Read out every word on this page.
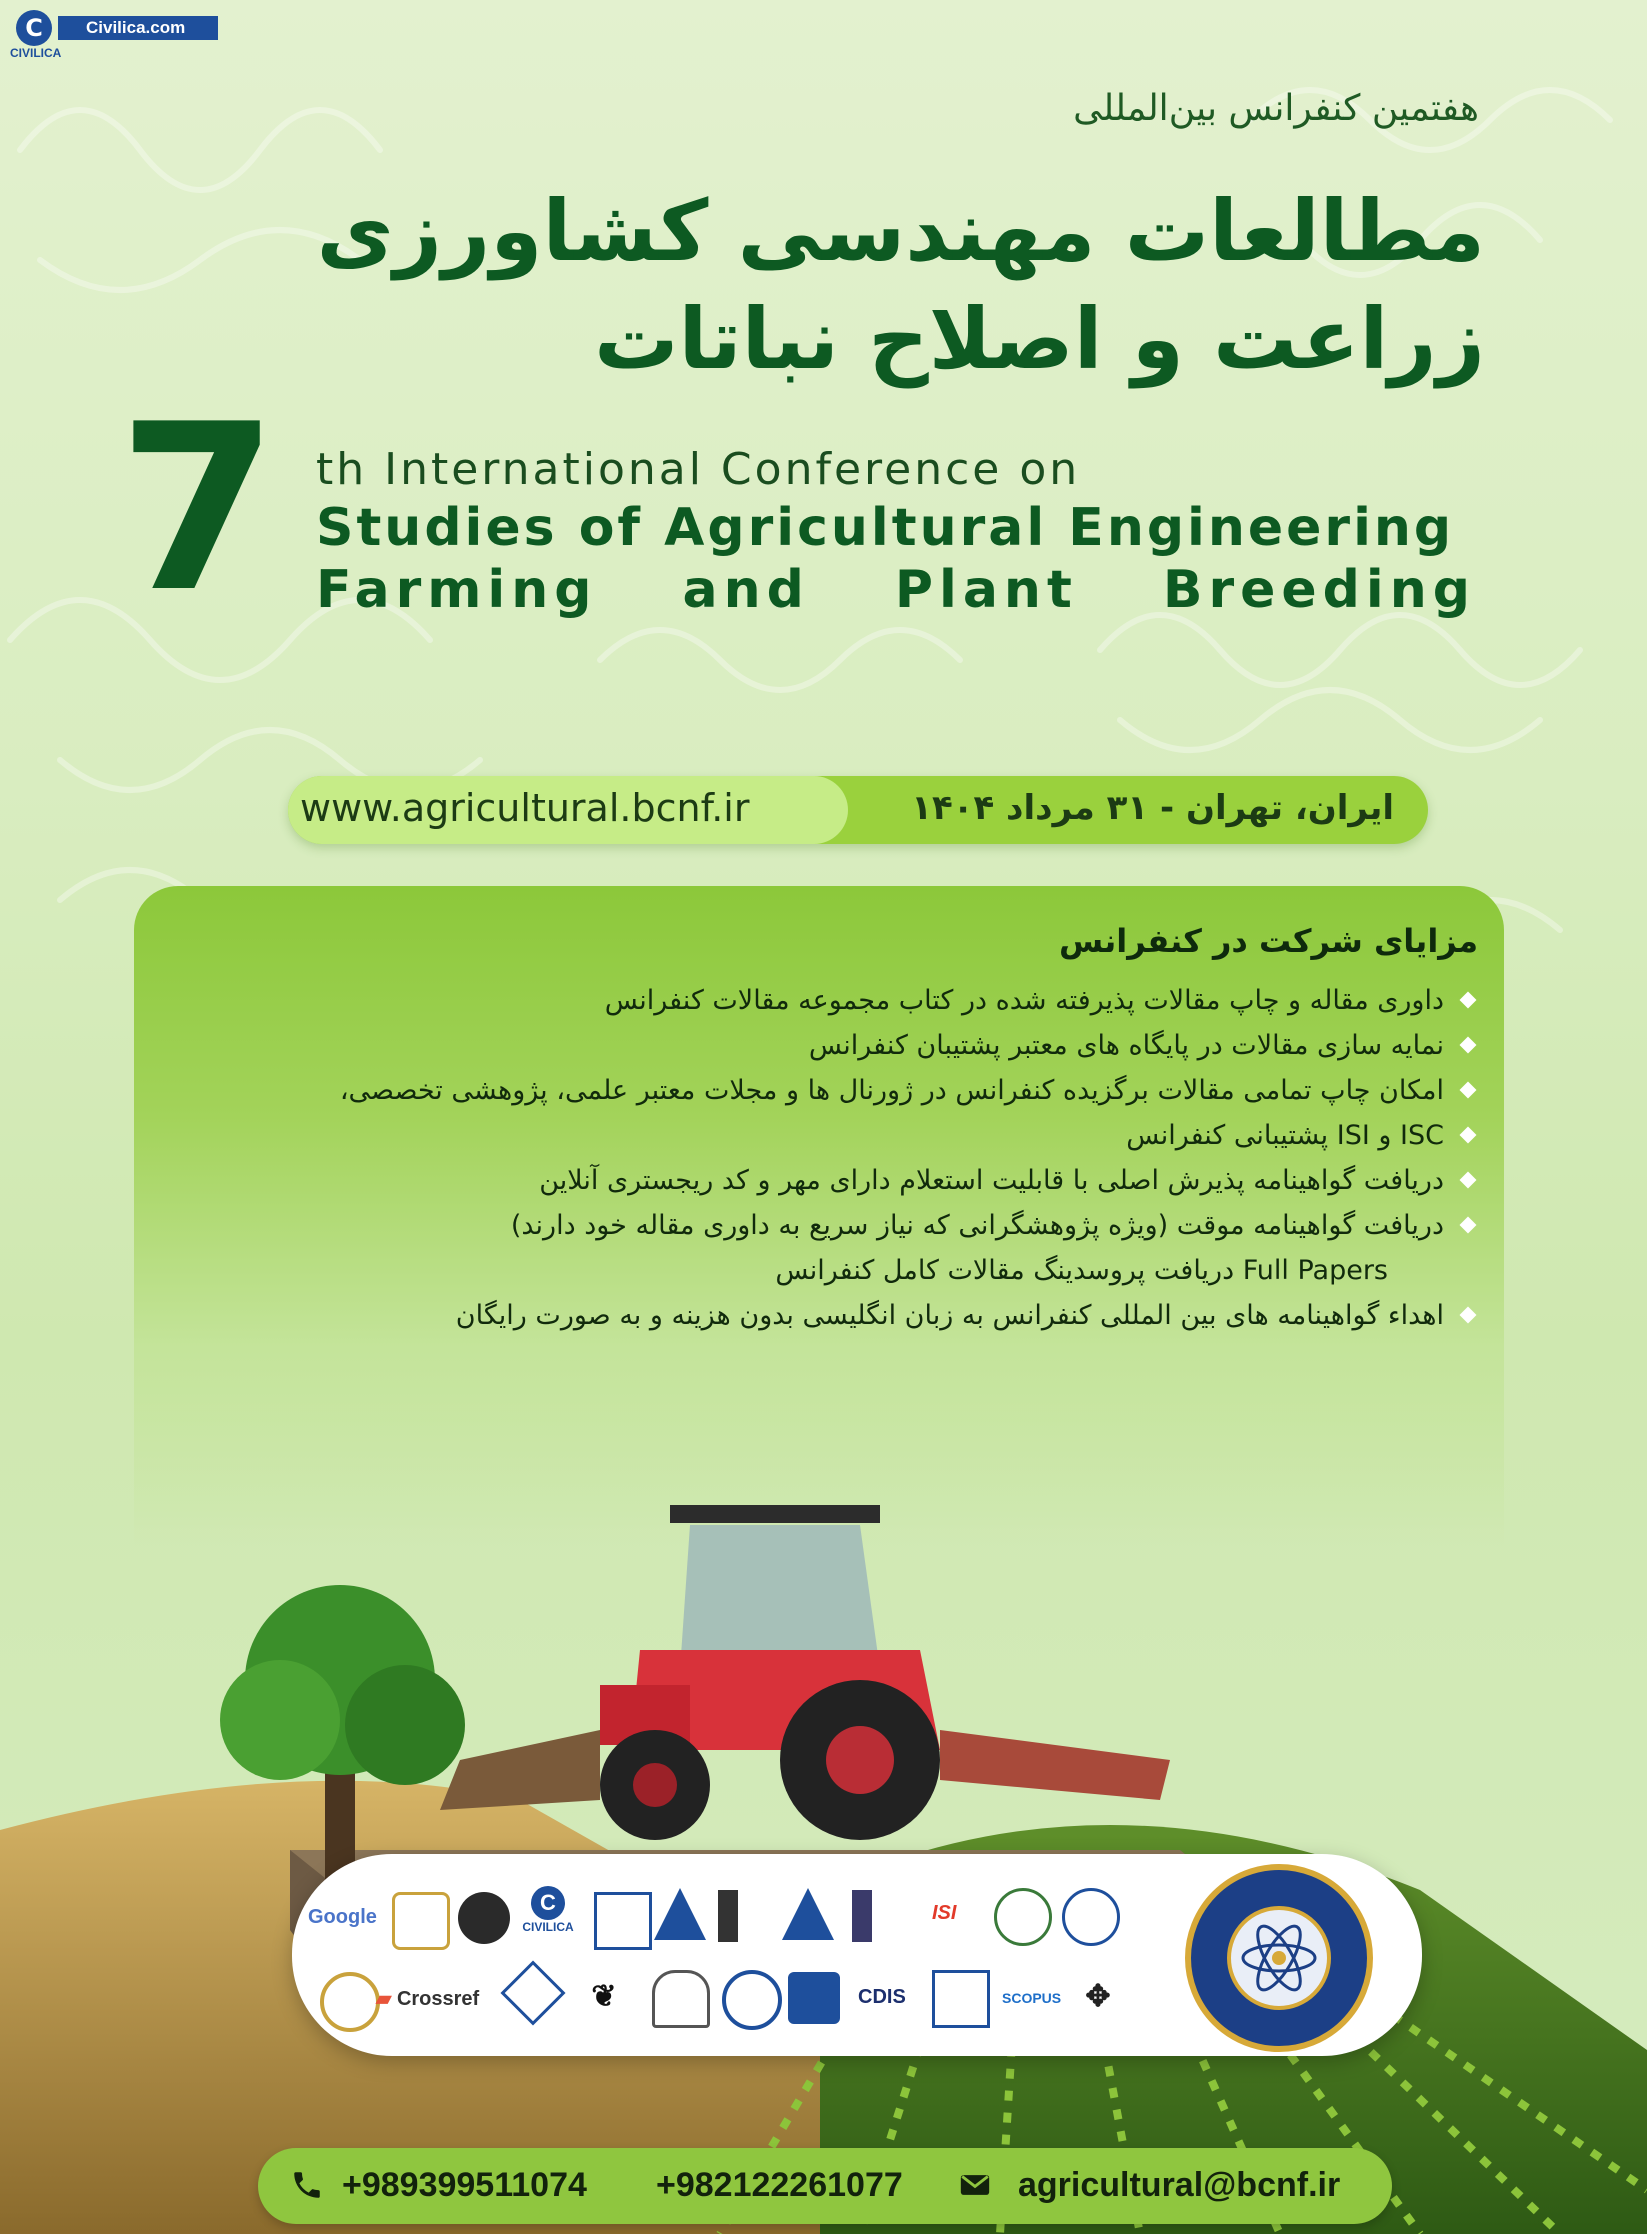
C	Civilica.com
CIVILICA
هفتمین کنفرانس بین‌المللی
مطالعات مهندسی کشاورزی
زراعت و اصلاح نباتات
7 th International Conference on
Studies of Agricultural Engineering
Farming and Plant Breeding
www.agricultural.bcnf.ir	ایران، تهران - ۳۱ مرداد ۱۴۰۴
مزایای شرکت در کنفرانس
داوری مقاله و چاپ مقالات پذیرفته شده در کتاب مجموعه مقالات کنفرانس
نمایه سازی مقالات در پایگاه های معتبر پشتیبان کنفرانس
امکان چاپ تمامی مقالات برگزیده کنفرانس در ژورنال ها و مجلات معتبر علمی، پژوهشی تخصصی،
ISC و ISI پشتیبانی کنفرانس
دریافت گواهینامه پذیرش اصلی با قابلیت استعلام دارای مهر و کد ریجستری آنلاین
دریافت گواهینامه موقت (ویژه پژوهشگرانی که نیاز سریع به داوری مقاله خود دارند)
Full Papers دریافت پروسدینگ مقالات کامل کنفرانس
اهداء گواهینامه های بین المللی کنفرانس به زبان انگلیسی بدون هزینه و به صورت رایگان
Google
C
CIVILICA
ISI
▰ Crossref	❦	CDIS	SCOPUS ✥
+989399511074 +982122261077	agricultural@bcnf.ir
